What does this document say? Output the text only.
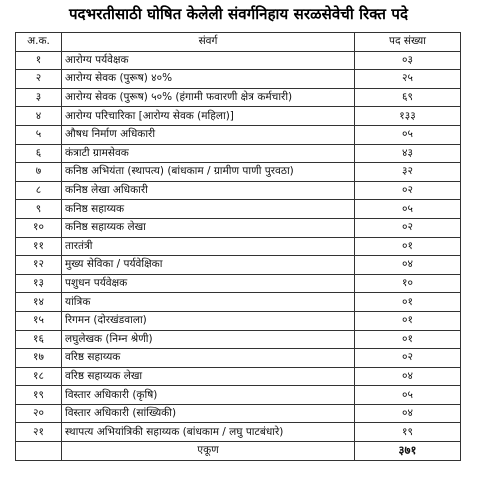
पदभरतीसाठी घोषित केलेली संवर्गनिहाय सरळसेवेची रिक्त पदे
अ.क.	संवर्ग	पद संख्या
१	आरोग्य पर्यवेक्षक	०३
२	आरोग्य सेवक (पुरूष) ४०%	२५
३	आरोग्य सेवक (पुरूष) ५०% (हंगामी फवारणी क्षेत्र कर्मचारी)	६९
४	आरोग्य परिचारिका [आरोग्य सेवक (महिला)]	१३३
५	औषध निर्माण अधिकारी	०५
६	कंत्राटी ग्रामसेवक	४३
७	कनिष्ठ अभियंता (स्थापत्य) (बांधकाम / ग्रामीण पाणी पुरवठा)	३२
८	कनिष्ठ लेखा अधिकारी	०२
९	कनिष्ठ सहाय्यक	०५
१०	कनिष्ठ सहाय्यक लेखा	०२
११	तारतंत्री	०१
१२	मुख्य सेविका / पर्यवेक्षिका	०४
१३	पशुधन पर्यवेक्षक	१०
१४	यांत्रिक	०१
१५	रिगमन (दोरखंडवाला)	०१
१६	लघुलेखक (निम्न श्रेणी)	०१
१७	वरिष्ठ सहाय्यक	०२
१८	वरिष्ठ सहाय्यक लेखा	०४
१९	विस्तार अधिकारी (कृषि)	०५
२०	विस्तार अधिकारी (सांख्यिकी)	०४
२१	स्थापत्य अभियांत्रिकी सहाय्यक (बांधकाम / लघु पाटबंधारे)	१९
	एकूण	३७१
